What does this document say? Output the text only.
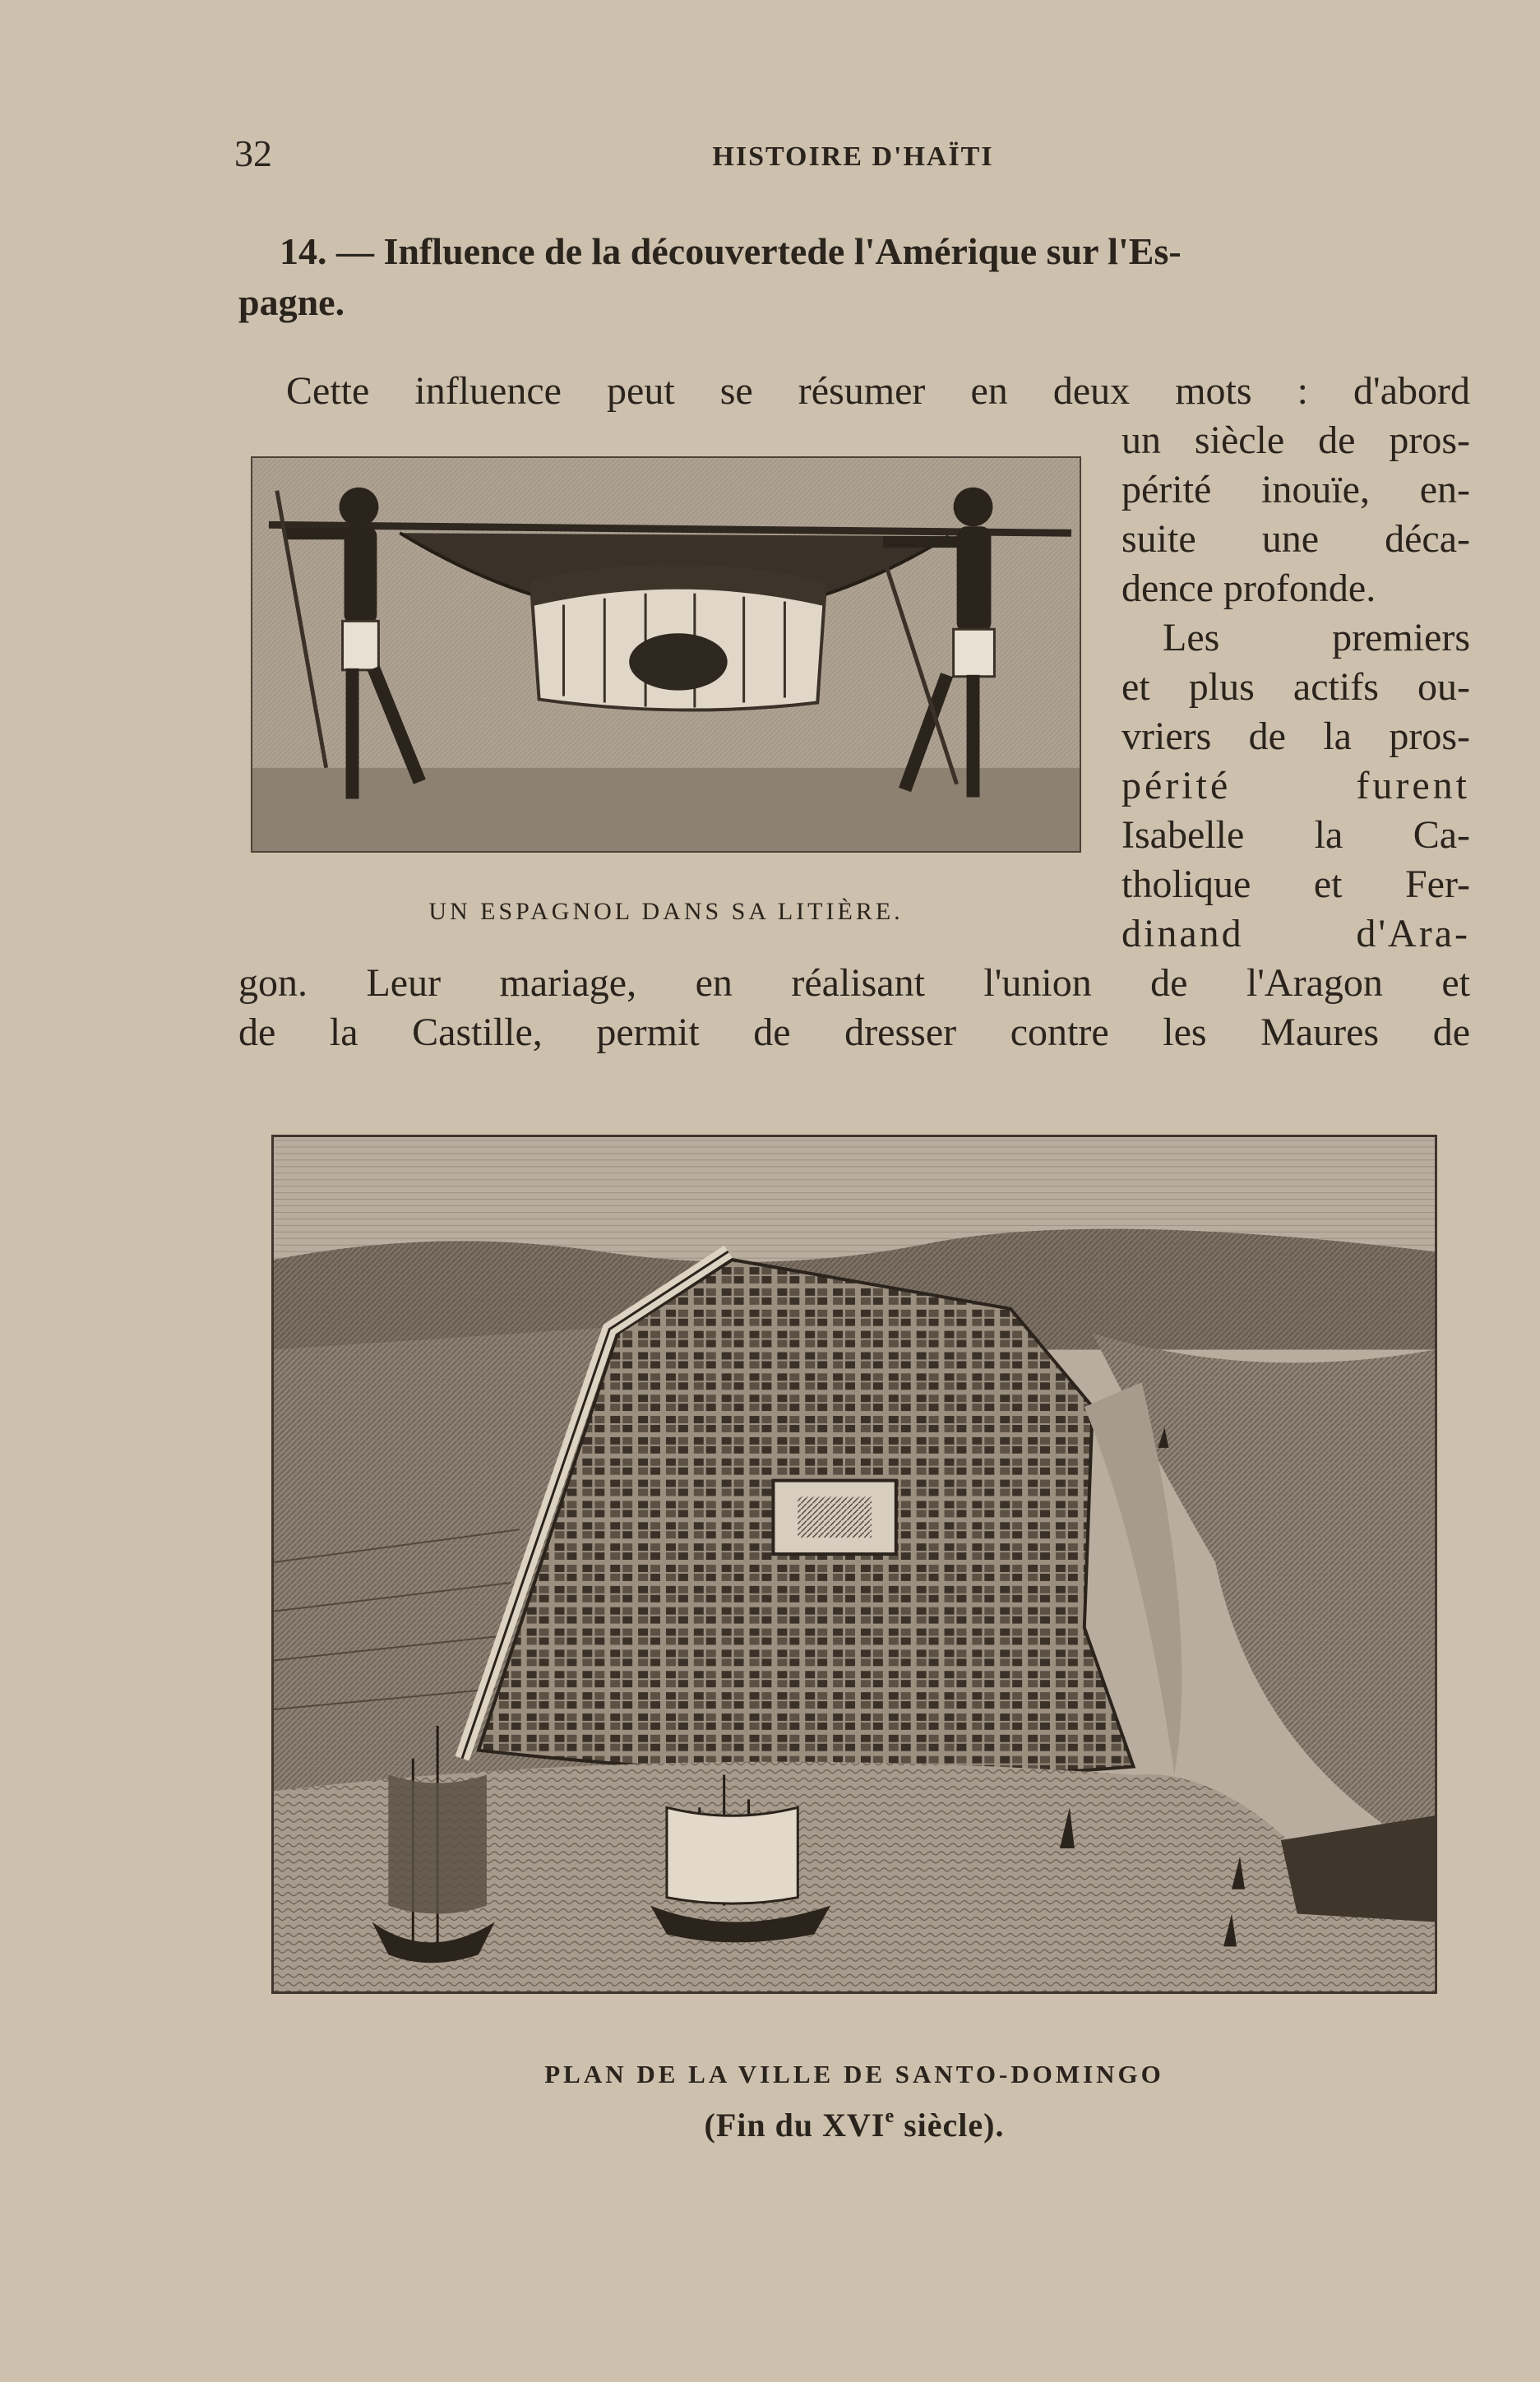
32	HISTOIRE D'HAÏTI
14. — Influence de la découvertede l'Amérique sur l'Es-
pagne.
Cette influence peut se résumer en deux mots : d'abord
un siècle de pros-
périté inouïe, en-
suite une déca-
dence profonde.
Les premiers
et plus actifs ou-
vriers de la pros-
périté furent
Isabelle la Ca-
tholique et Fer-
dinand d'Ara-
gon. Leur mariage, en réalisant l'union de l'Aragon et
de la Castille, permit de dresser contre les Maures de
UN ESPAGNOL DANS SA LITIÈRE.
PLAN DE LA VILLE DE SANTO-DOMINGO
(Fin du XVIe siècle).
